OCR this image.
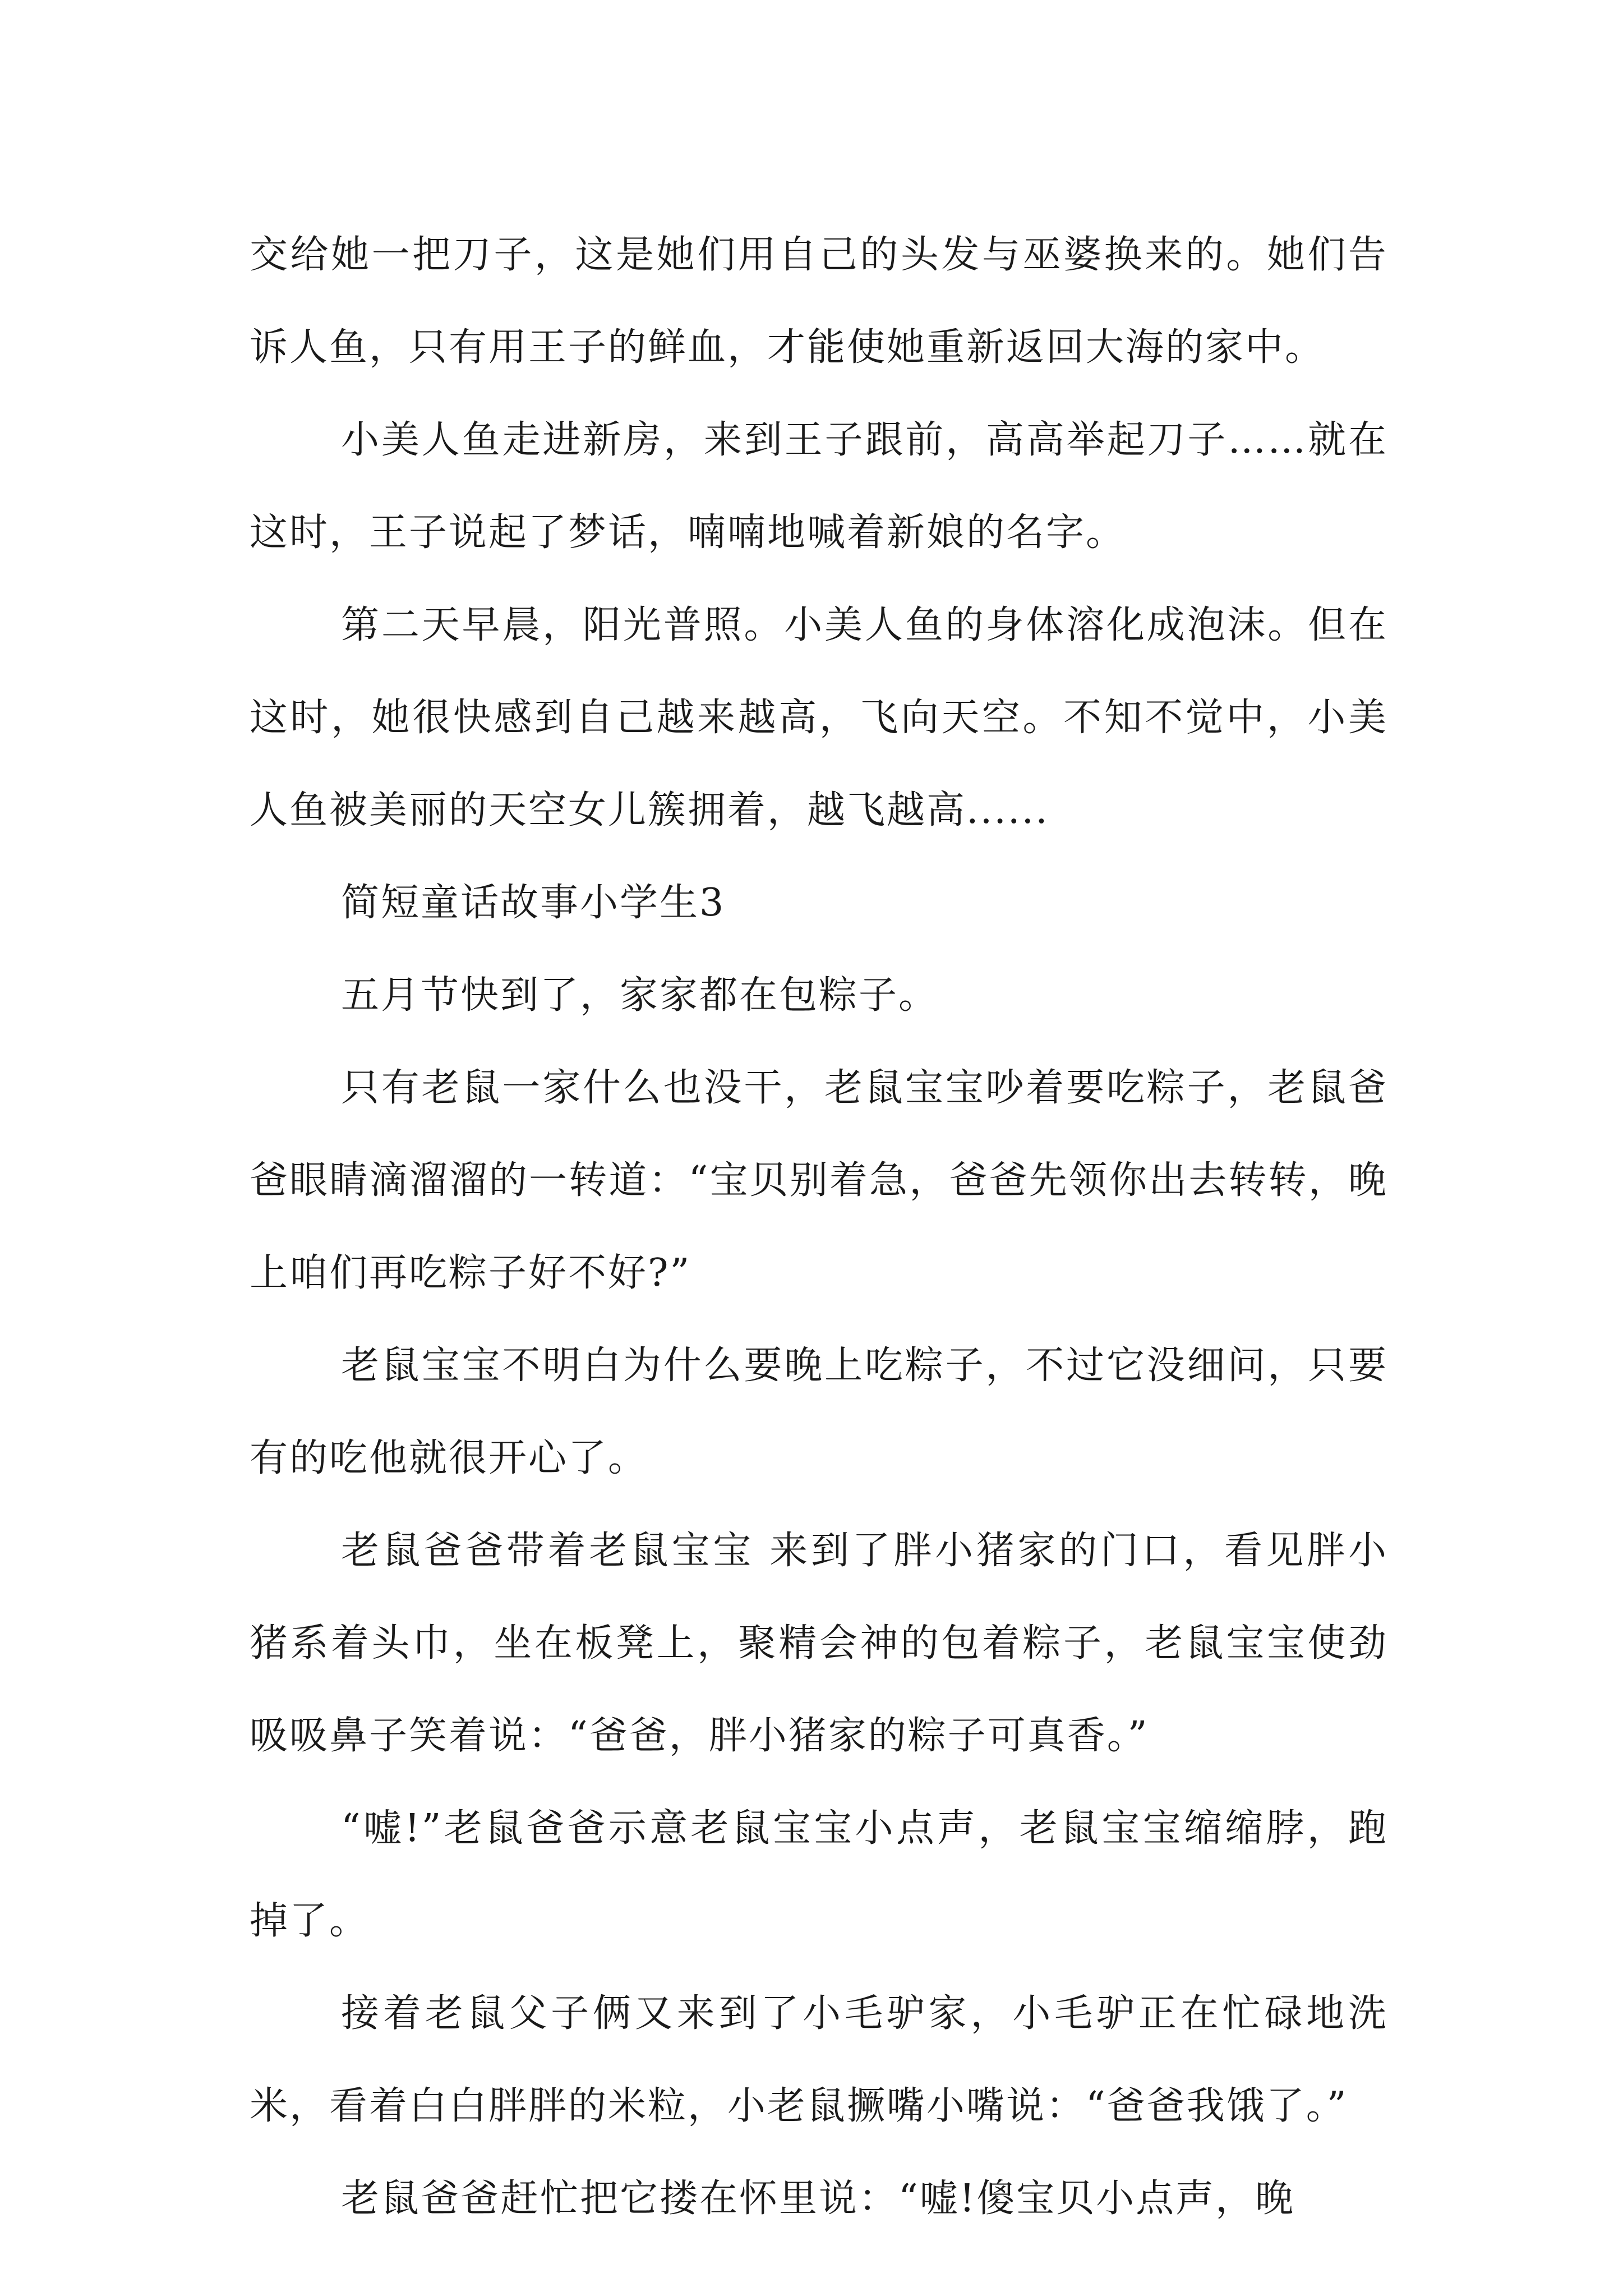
交给她一把刀子，这是她们用自己的头发与巫婆换来的。她们告诉人鱼，只有用王子的鲜血，才能使她重新返回大海的家中。

小美人鱼走进新房，来到王子跟前，高高举起刀子……就在这时，王子说起了梦话，喃喃地喊着新娘的名字。

第二天早晨，阳光普照。小美人鱼的身体溶化成泡沫。但在这时，她很快感到自己越来越高，飞向天空。不知不觉中，小美人鱼被美丽的天空女儿簇拥着，越飞越高......

简短童话故事小学生3

五月节快到了，家家都在包粽子。

只有老鼠一家什么也没干，老鼠宝宝吵着要吃粽子，老鼠爸爸眼睛滴溜溜的一转道：“宝贝别着急，爸爸先领你出去转转，晚上咱们再吃粽子好不好?”

老鼠宝宝不明白为什么要晚上吃粽子，不过它没细问，只要有的吃他就很开心了。

老鼠爸爸带着老鼠宝宝 来到了胖小猪家的门口，看见胖小猪系着头巾，坐在板凳上，聚精会神的包着粽子，老鼠宝宝使劲吸吸鼻子笑着说：“爸爸，胖小猪家的粽子可真香。”

“嘘!”老鼠爸爸示意老鼠宝宝小点声，老鼠宝宝缩缩脖，跑掉了。

接着老鼠父子俩又来到了小毛驴家，小毛驴正在忙碌地洗米，看着白白胖胖的米粒，小老鼠撅嘴小嘴说：“爸爸我饿了。”

老鼠爸爸赶忙把它搂在怀里说：“嘘!傻宝贝小点声，晚
